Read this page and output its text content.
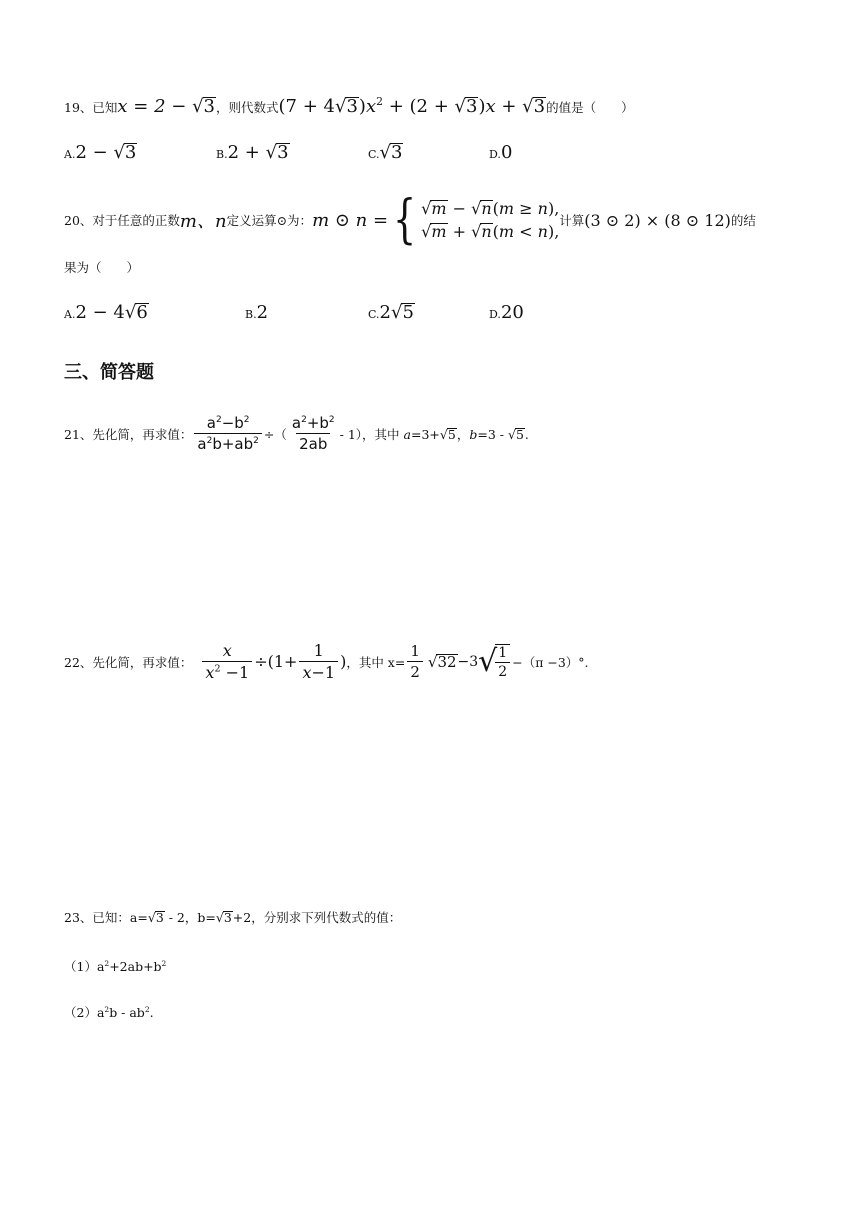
19、已知x = 2 − √3，则代数式$(7 + 4√3)x^2 + (2 + √3)x + √3$的值是（　　）
A.2 − √3	B.2 + √3	C.√3	D.0
20、对于任意的正数 m、n 定义运算⊙为： m ⊙ n = { √m − √n(m ≥ n),
√m + √n(m < n),
计算 (3 ⊙ 2) × (8 ⊙ 12) 的结
果为（　　）
A.2 − 4√6	B.2	C.2√5	D.20
三、简答题
21、先化简，再求值： $\frac{a^2-b^2}{a^2b+ab^2}$ ÷（ $\frac{a^2+b^2}{2ab} - 1$），其中 a=3+√5，b=3 - √5.
22、先化简，再求值： $\frac{x}{x^2 -1} \div(1+ \frac{1}{x-1}$ ) ，其中 $x= \frac{1}{2} √32 -3$ √
$\frac{1}{2} -(\pi -3)^\circ$.
23、已知：a=√3 - 2，b=√3+2，分别求下列代数式的值：
$(1)a^2+2ab+b^2$
$(2)a^2b - ab^2$.
